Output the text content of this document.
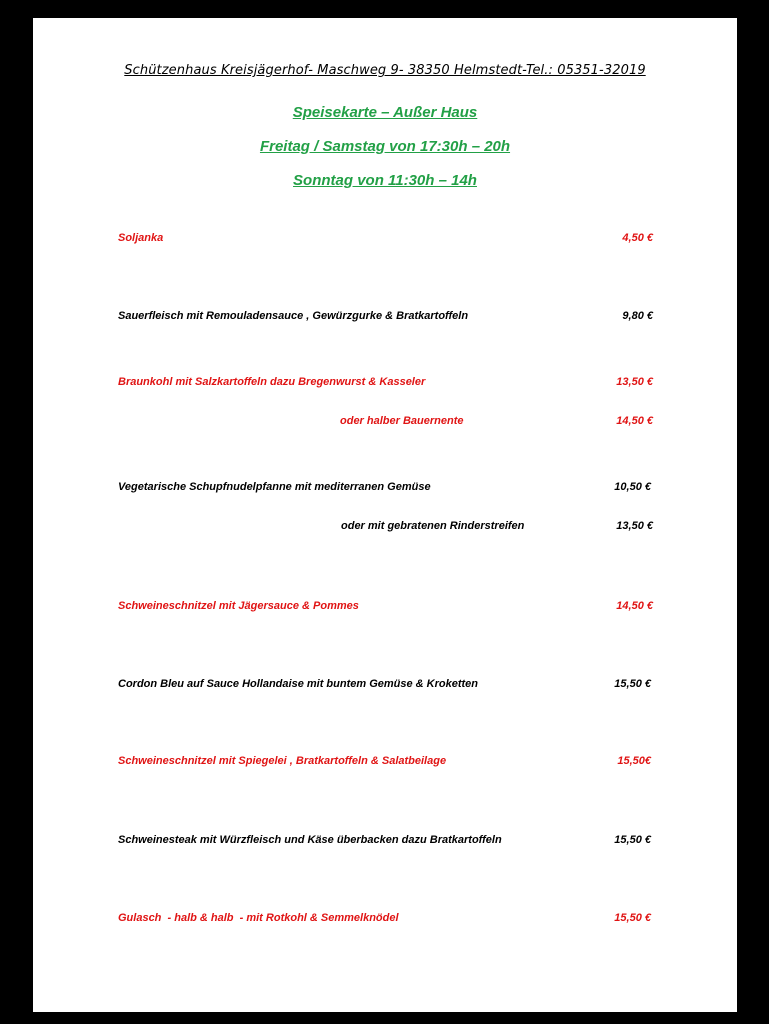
Schützenhaus Kreisjägerhof- Maschweg 9- 38350 Helmstedt-Tel.: 05351-32019
Speisekarte – Außer Haus
Freitag / Samstag von 17:30h – 20h
Sonntag von 11:30h – 14h
Soljanka	4,50 €
Sauerfleisch mit Remouladensauce , Gewürzgurke & Bratkartoffeln	9,80 €
Braunkohl mit Salzkartoffeln dazu Bregenwurst & Kasseler	13,50 €
oder halber Bauernente	14,50 €
Vegetarische Schupfnudelpfanne mit mediterranen Gemüse	10,50 €
oder mit gebratenen Rinderstreifen	13,50 €
Schweineschnitzel mit Jägersauce & Pommes	14,50 €
Cordon Bleu auf Sauce Hollandaise mit buntem Gemüse & Kroketten	15,50 €
Schweineschnitzel mit Spiegelei , Bratkartoffeln & Salatbeilage	15,50€
Schweinesteak mit Würzfleisch und Käse überbacken dazu Bratkartoffeln	15,50 €
Gulasch  - halb & halb  - mit Rotkohl & Semmelknödel	15,50 €
